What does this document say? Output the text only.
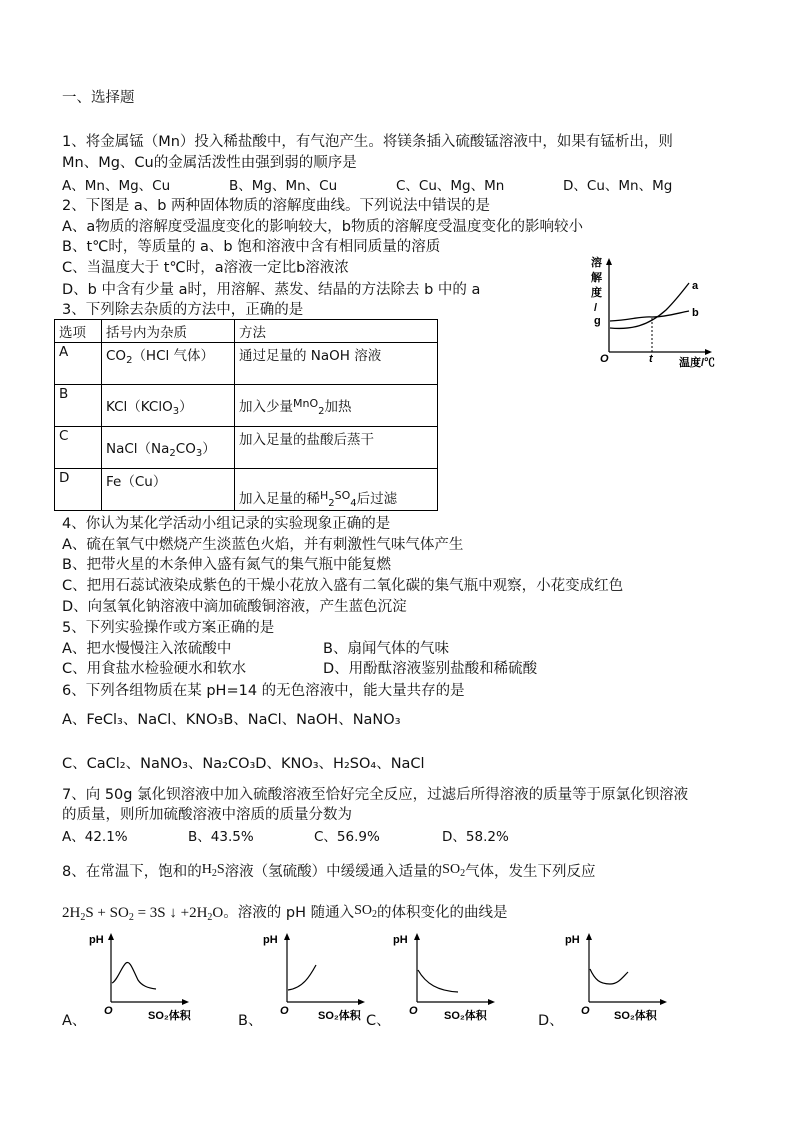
一、选择题
1、将金属锰（Mn）投入稀盐酸中，有气泡产生。将镁条插入硫酸锰溶液中，如果有锰析出，则
Mn、Mg、Cu的金属活泼性由强到弱的顺序是
A、Mn、Mg、Cu	B、Mg、Mn、Cu	C、Cu、Mg、Mn	D、Cu、Mn、Mg
2、下图是 a、b 两种固体物质的溶解度曲线。下列说法中错误的是
A、a物质的溶解度受温度变化的影响较大，b物质的溶解度受温度变化的影响较小
B、t℃时，等质量的 a、b 饱和溶液中含有相同质量的溶质
C、当温度大于 t℃时，a溶液一定比b溶液浓
D、b 中含有少量 a时，用溶解、蒸发、结晶的方法除去 b 中的 a
溶
解
度
/
g
O	t 温度/℃
a
b
3、下列除去杂质的方法中，正确的是
选项	括号内为杂质	方法
A	$CO_2(HCl$ 气体）	通过足量的 NaOH 溶液
B	KCl（KClO$_3$）	加入少量$^{MnO}_2$加热
C	$NaCl(Na_2CO_3)$	加入足量的盐酸后蒸干
D	Fe（Cu）	加入足量的稀$^H_2^{SO}_4$后过滤
4、你认为某化学活动小组记录的实验现象正确的是
A、硫在氧气中燃烧产生淡蓝色火焰，并有刺激性气味气体产生
B、把带火星的木条伸入盛有氮气的集气瓶中能复燃
C、把用石蕊试液染成紫色的干燥小花放入盛有二氧化碳的集气瓶中观察，小花变成红色
D、向氢氧化钠溶液中滴加硫酸铜溶液，产生蓝色沉淀
5、下列实验操作或方案正确的是
A、把水慢慢注入浓硫酸中	B、扇闻气体的气味
C、用食盐水检验硬水和软水	D、用酚酞溶液鉴别盐酸和稀硫酸
6、下列各组物质在某 pH=14 的无色溶液中，能大量共存的是
A、FeCl₃、NaCl、KNO₃B、NaCl、NaOH、NaNO₃
C、CaCl₂、NaNO₃、Na₂CO₃D、KNO₃、H₂SO₄、NaCl
7、向 50g 氯化钡溶液中加入硫酸溶液至恰好完全反应，过滤后所得溶液的质量等于原氯化钡溶液
的质量，则所加硫酸溶液中溶质的质量分数为
A、42.1%	B、43.5%	C、56.9%	D、58.2%
8、在常温下，饱和的$H_2S$溶液（氢硫酸）中缓缓通入适量的$SO_2$气体，发生下列反应
$2H_2S + SO_2 = 3S$ ↓ $+2H_2O$。溶液的 pH 随通入$SO_2$的体积变化的曲线是
A、
pH
O	SO₂体积	B、
pH
O	SO₂体积 C、
pH
O SO₂体积	D、
pH
O SO₂体积
